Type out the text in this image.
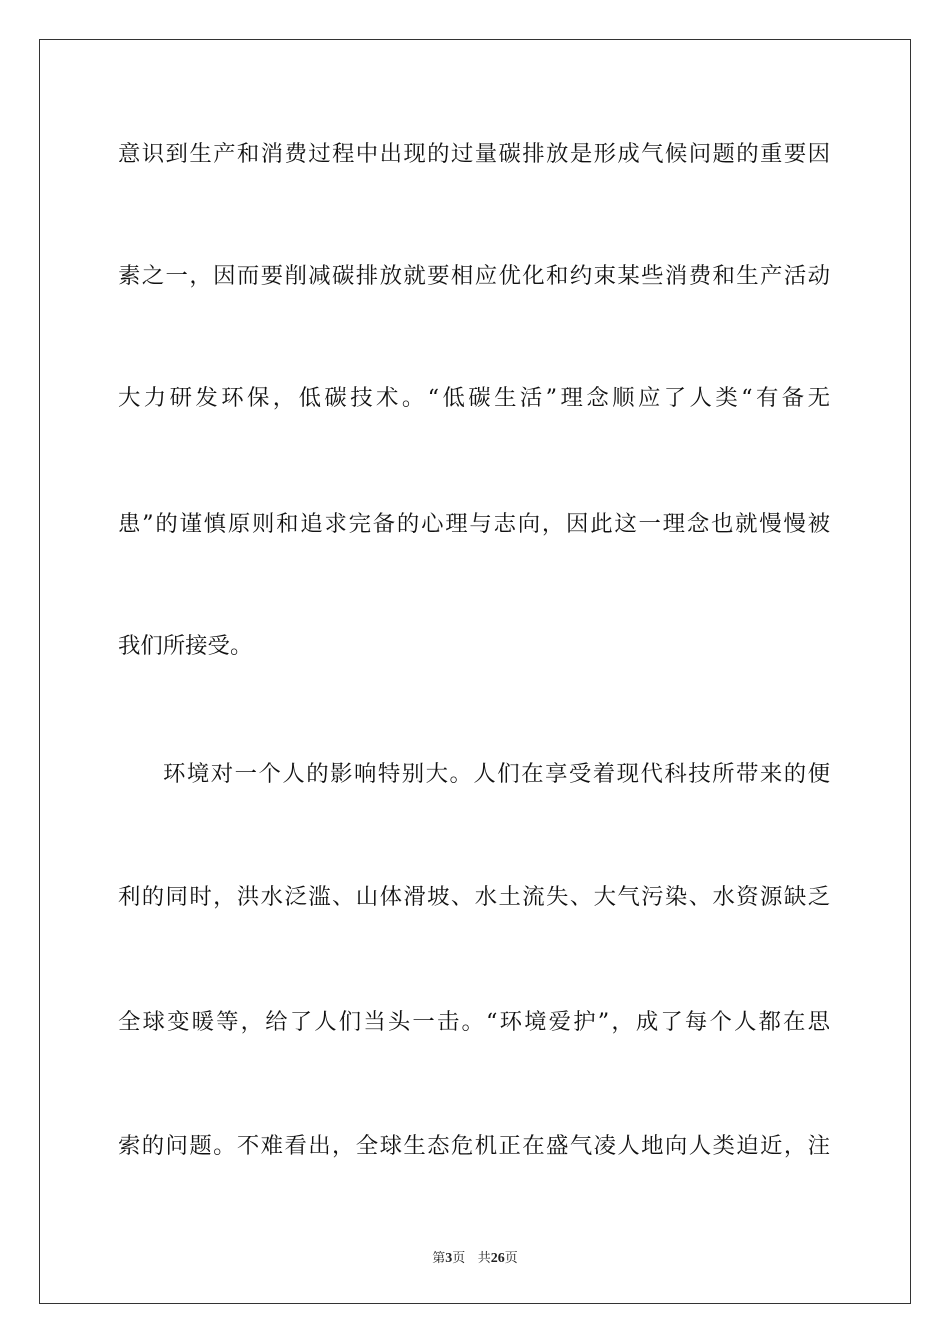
意识到生产和消费过程中出现的过量碳排放是形成气候问题的重要因
素之一，因而要削减碳排放就要相应优化和约束某些消费和生产活动
大力研发环保，低碳技术。“低碳生活”理念顺应了人类“有备无
患”的谨慎原则和追求完备的心理与志向，因此这一理念也就慢慢被
我们所接受。
环境对一个人的影响特别大。人们在享受着现代科技所带来的便
利的同时，洪水泛滥、山体滑坡、水土流失、大气污染、水资源缺乏
全球变暖等，给了人们当头一击。“环境爱护”，成了每个人都在思
索的问题。不难看出，全球生态危机正在盛气凌人地向人类迫近，注
第3页 共26页
